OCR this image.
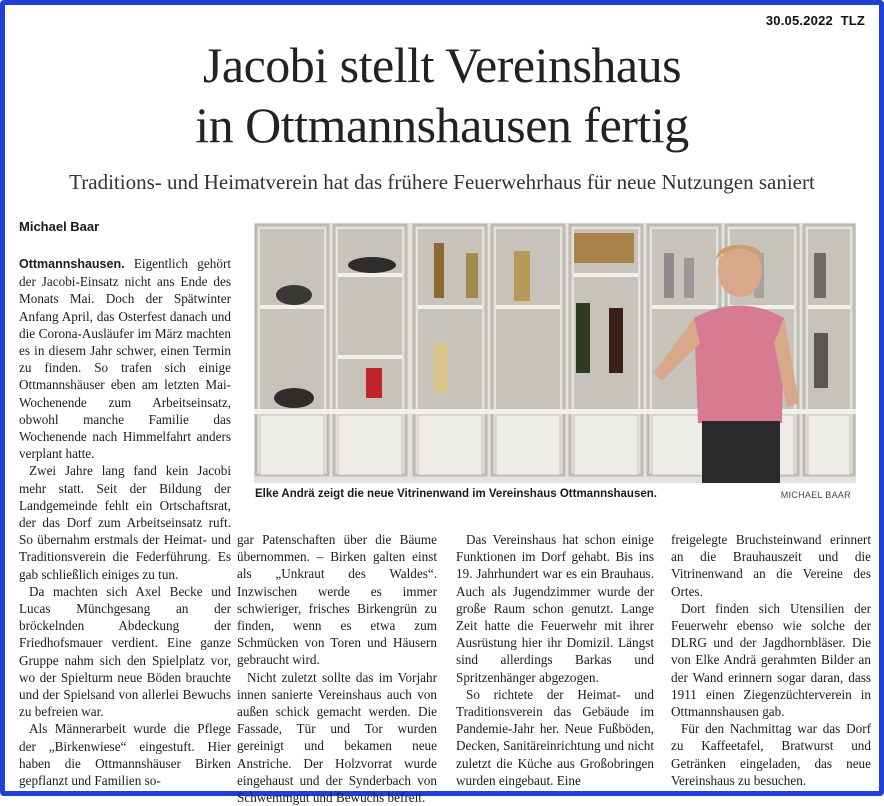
30.05.2022 TLZ
Jacobi stellt Vereinshaus
in Ottmannshausen fertig
Traditions- und Heimatverein hat das frühere Feuerwehrhaus für neue Nutzungen saniert
Michael Baar

Ottmannshausen. Eigentlich gehört der Jacobi-Einsatz nicht ans Ende des Monats Mai. Doch der Spätwinter Anfang April, das Osterfest danach und die Corona-Ausläufer im März machten es in diesem Jahr schwer, einen Termin zu finden. So trafen sich einige Ottmannshäuser eben am letzten Mai-Wochenende zum Arbeitseinsatz, obwohl manche Familie das Wochenende nach Himmelfahrt anders verplant hatte.

Zwei Jahre lang fand kein Jacobi mehr statt. Seit der Bildung der Landgemeinde fehlt ein Ortschaftsrat, der das Dorf zum Arbeitseinsatz ruft. So übernahm erstmals der Heimat- und Traditionsverein die Federführung. Es gab schließlich einiges zu tun.

Da machten sich Axel Becke und Lucas Münchgesang an der bröckelnden Abdeckung der Friedhofsmauer verdient. Eine ganze Gruppe nahm sich den Spielplatz vor, wo der Spielturm neue Böden brauchte und der Spielsand von allerlei Bewuchs zu befreien war.

Als Männerarbeit wurde die Pflege der „Birkenwiese“ eingestuft. Hier haben die Ottmannshäuser Birken gepflanzt und Familien so-

Elke Andrä zeigt die neue Vitrinenwand im Vereinshaus Ottmannshausen.	MICHAEL BAAR

gar Patenschaften über die Bäume übernommen. – Birken galten einst als „Unkraut des Waldes“. Inzwischen werde es immer schwieriger, frisches Birkengrün zu finden, wenn es etwa zum Schmücken von Toren und Häusern gebraucht wird.

Nicht zuletzt sollte das im Vorjahr innen sanierte Vereinshaus auch von außen schick gemacht werden. Die Fassade, Tür und Tor wurden gereinigt und bekamen neue Anstriche. Der Holzvorrat wurde eingehaust und der Synderbach von Schwemmgut und Bewuchs befreit.

Das Vereinshaus hat schon einige Funktionen im Dorf gehabt. Bis ins 19. Jahrhundert war es ein Brauhaus. Auch als Jugendzimmer wurde der große Raum schon genutzt. Lange Zeit hatte die Feuerwehr mit ihrer Ausrüstung hier ihr Domizil. Längst sind allerdings Barkas und Spritzenhänger abgezogen.

So richtete der Heimat- und Traditionsverein das Gebäude im Pandemie-Jahr her. Neue Fußböden, Decken, Sanitäreinrichtung und nicht zuletzt die Küche aus Großobringen wurden eingebaut. Eine

freigelegte Bruchsteinwand erinnert an die Brauhauszeit und die Vitrinenwand an die Vereine des Ortes.

Dort finden sich Utensilien der Feuerwehr ebenso wie solche der DLRG und der Jagdhornbläser. Die von Elke Andrä gerahmten Bilder an der Wand erinnern sogar daran, dass 1911 einen Ziegenzüchterverein in Ottmannshausen gab.

Für den Nachmittag war das Dorf zu Kaffeetafel, Bratwurst und Getränken eingeladen, das neue Vereinshaus zu besuchen.
